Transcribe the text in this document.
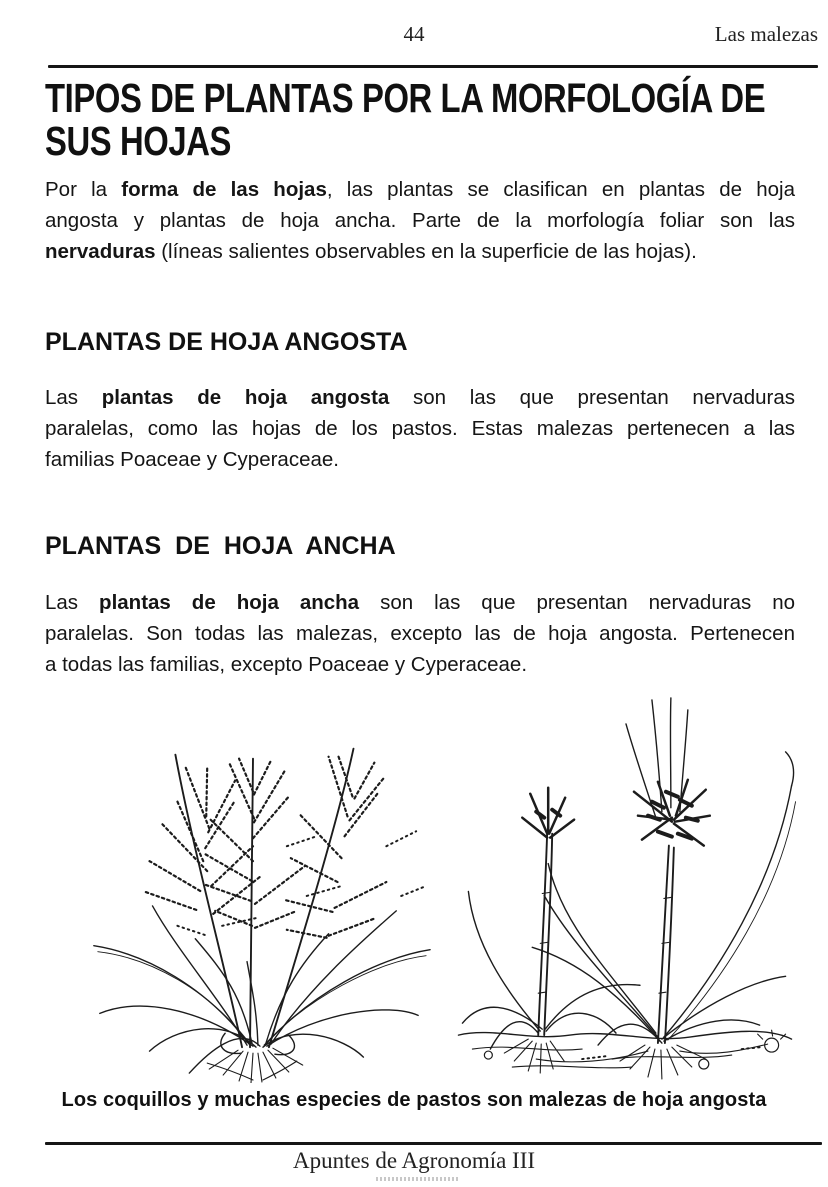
44	Las malezas
TIPOS DE PLANTAS POR LA MORFOLOGÍA DE
SUS HOJAS
Por la forma de las hojas, las plantas se clasifican en plantas de hoja
angosta y plantas de hoja ancha. Parte de la morfología foliar son las
nervaduras (líneas salientes observables en la superficie de las hojas).
PLANTAS DE HOJA ANGOSTA
Las plantas de hoja angosta son las que presentan nervaduras
paralelas, como las hojas de los pastos. Estas malezas pertenecen a las
familias Poaceae y Cyperaceae.
PLANTAS DE HOJA ANCHA
Las plantas de hoja ancha son las que presentan nervaduras no
paralelas. Son todas las malezas, excepto las de hoja angosta. Pertenecen
a todas las familias, excepto Poaceae y Cyperaceae.
Los coquillos y muchas especies de pastos son malezas de hoja angosta
Apuntes de Agronomía III
